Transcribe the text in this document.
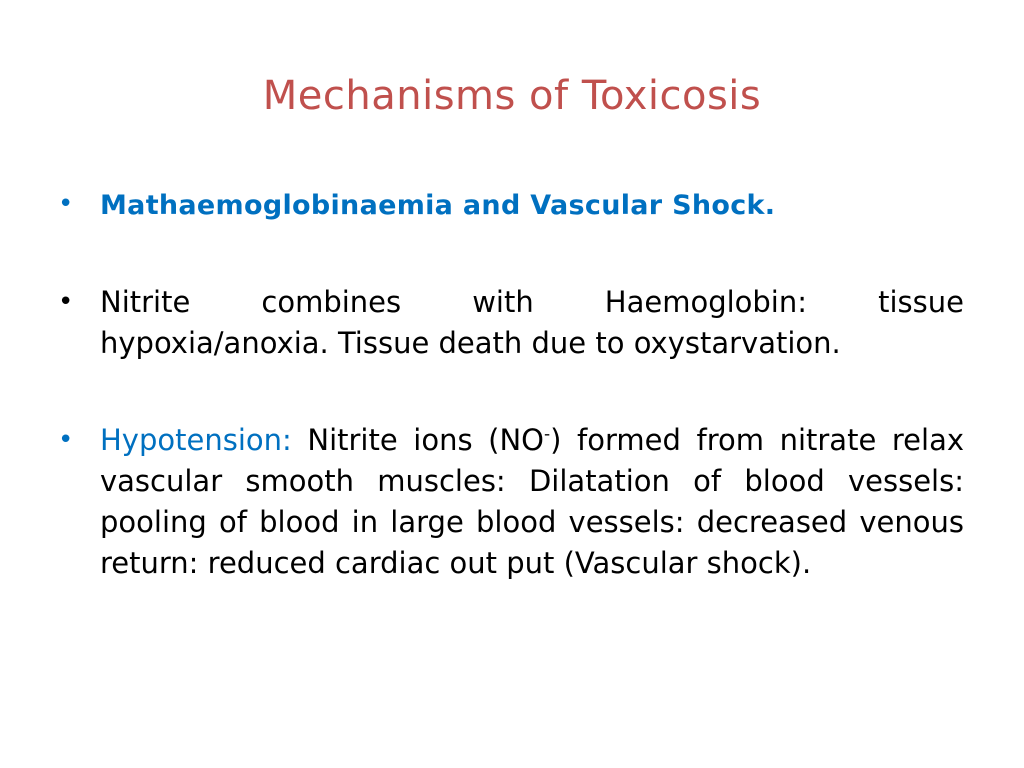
Mechanisms of Toxicosis
• Mathaemoglobinaemia and Vascular Shock.
• Nitrite combines with Haemoglobin: tissue
hypoxia/anoxia. Tissue death due to oxystarvation.
• Hypotension: Nitrite ions (NO-) formed from nitrate relax vascular smooth muscles: Dilatation of blood vessels: pooling of blood in large blood vessels: decreased venous return: reduced cardiac out put (Vascular shock).
